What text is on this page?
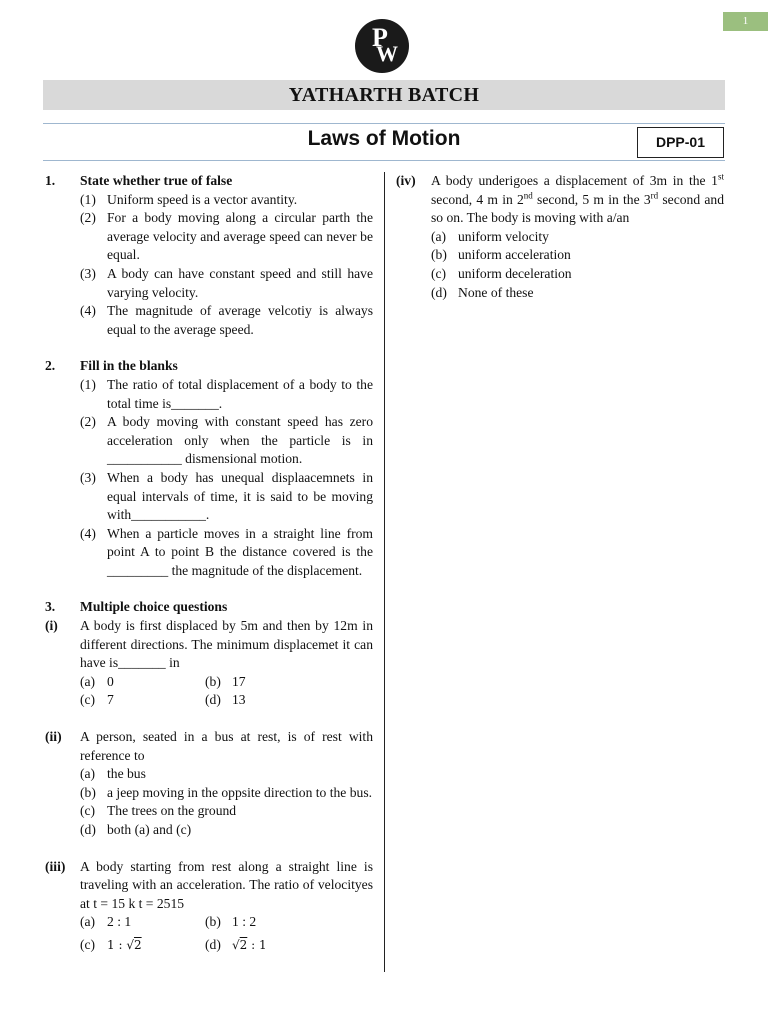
1
P
W
YATHARTH BATCH
Laws of Motion	DPP-01
1.	State whether true of false
(1) Uniform speed is a vector avantity.
(2) For a body moving along a circular parth the average velocity and average speed can never be equal.
(3) A body can have constant speed and still have varying velocity.
(4) The magnitude of average velcotiy is always equal to the average speed.
2.	Fill in the blanks
(1) The ratio of total displacement of a body to the total time is_______.
(2) A body moving with constant speed has zero acceleration only when the particle is in ___________ dismensional motion.
(3) When a body has unequal displaacemnets in equal intervals of time, it is said to be moving with___________.
(4) When a particle moves in a straight line from point A to point B the distance covered is the _________ the magnitude of the displacement.
3.	Multiple choice questions
(i)	A body is first displaced by 5m and then by 12m in different directions. The minimum displacemet it can have is_______ in
(a) 0	(b) 17
(c) 7	(d) 13
(ii)	A person, seated in a bus at rest, is of rest with reference to
(a) the bus
(b) a jeep moving in the oppsite direction to the bus.
(c) The trees on the ground
(d) both (a) and (c)
(iii)	A body starting from rest along a straight line is traveling with an acceleration. The ratio of velocityes at t = 15 k t = 2515
(a) 2 : 1	(b) 1 : 2
(c) 1 : √2	(d) √2 : 1
(iv)	A body underigoes a displacement of 3m in the 1st second, 4 m in 2nd second, 5 m in the 3rd second and so on. The body is moving with a/an
(a) uniform velocity
(b) uniform acceleration
(c) uniform deceleration
(d) None of these
